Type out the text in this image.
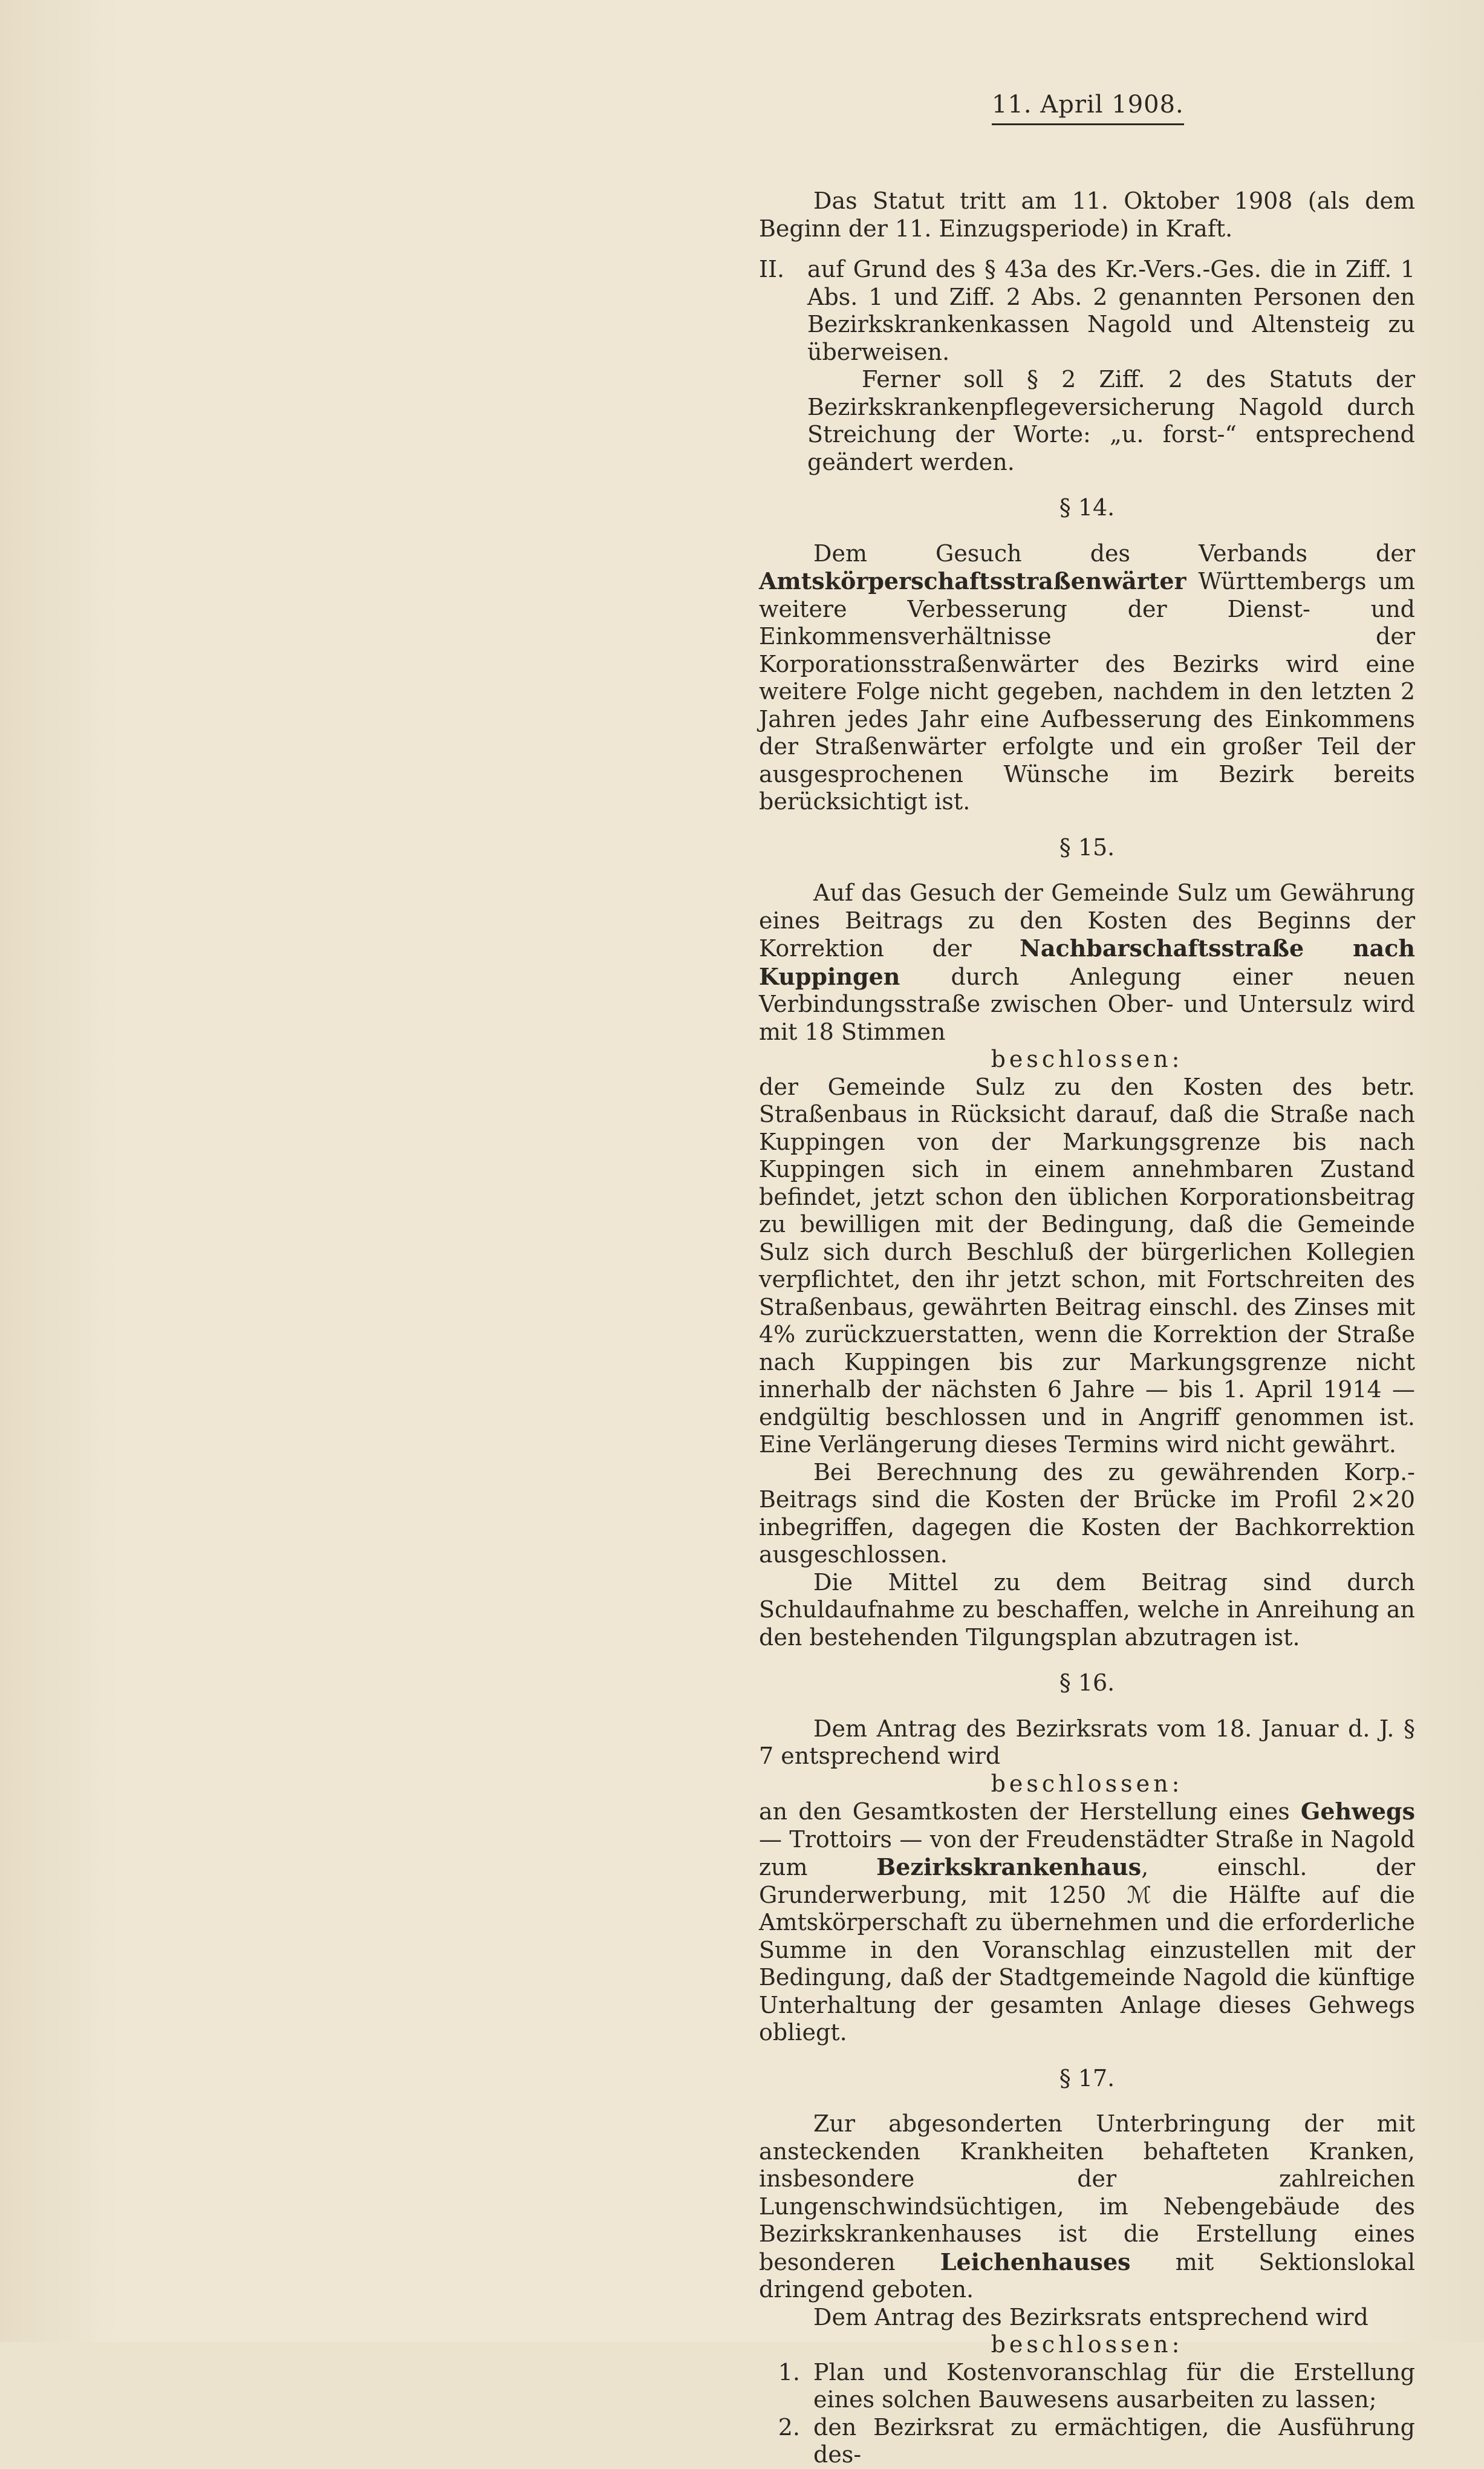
11. April 1908.

Das Statut tritt am 11. Oktober 1908 (als dem Beginn der 11. Einzugsperiode) in Kraft.

II. auf Grund des § 43a des Kr.-Vers.-Ges. die in Ziff. 1 Abs. 1 und Ziff. 2 Abs. 2 genannten Personen den Bezirkskrankenkassen Nagold und Altensteig zu überweisen.

Ferner soll § 2 Ziff. 2 des Statuts der Bezirkskrankenpflegeversicherung Nagold durch Streichung der Worte: „u. forst-“ entsprechend geändert werden.

§ 14.

Dem Gesuch des Verbands der Amtskörperschaftsstraßenwärter Württembergs um weitere Verbesserung der Dienst- und Einkommensverhältnisse der Korporationsstraßenwärter des Bezirks wird eine weitere Folge nicht gegeben, nachdem in den letzten 2 Jahren jedes Jahr eine Aufbesserung des Einkommens der Straßenwärter erfolgte und ein großer Teil der ausgesprochenen Wünsche im Bezirk bereits berücksichtigt ist.

§ 15.

Auf das Gesuch der Gemeinde Sulz um Gewährung eines Beitrags zu den Kosten des Beginns der Korrektion der Nachbarschaftsstraße nach Kuppingen durch Anlegung einer neuen Verbindungsstraße zwischen Ober- und Untersulz wird mit 18 Stimmen

beschlossen:

der Gemeinde Sulz zu den Kosten des betr. Straßenbaus in Rücksicht darauf, daß die Straße nach Kuppingen von der Markungsgrenze bis nach Kuppingen sich in einem annehmbaren Zustand befindet, jetzt schon den üblichen Korporationsbeitrag zu bewilligen mit der Bedingung, daß die Gemeinde Sulz sich durch Beschluß der bürgerlichen Kollegien verpflichtet, den ihr jetzt schon, mit Fortschreiten des Straßenbaus, gewährten Beitrag einschl. des Zinses mit 4% zurückzuerstatten, wenn die Korrektion der Straße nach Kuppingen bis zur Markungsgrenze nicht innerhalb der nächsten 6 Jahre — bis 1. April 1914 — endgültig beschlossen und in Angriff genommen ist. Eine Verlängerung dieses Termins wird nicht gewährt.

Bei Berechnung des zu gewährenden Korp.-Beitrags sind die Kosten der Brücke im Profil 2×20 inbegriffen, dagegen die Kosten der Bachkorrektion ausgeschlossen.

Die Mittel zu dem Beitrag sind durch Schuldaufnahme zu beschaffen, welche in Anreihung an den bestehenden Tilgungsplan abzutragen ist.

§ 16.

Dem Antrag des Bezirksrats vom 18. Januar d. J. § 7 entsprechend wird

beschlossen:

an den Gesamtkosten der Herstellung eines Gehwegs — Trottoirs — von der Freudenstädter Straße in Nagold zum Bezirkskrankenhaus, einschl. der Grunderwerbung, mit 1250 ℳ die Hälfte auf die Amtskörperschaft zu übernehmen und die erforderliche Summe in den Voranschlag einzustellen mit der Bedingung, daß der Stadtgemeinde Nagold die künftige Unterhaltung der gesamten Anlage dieses Gehwegs obliegt.

§ 17.

Zur abgesonderten Unterbringung der mit ansteckenden Krankheiten behafteten Kranken, insbesondere der zahlreichen Lungenschwindsüchtigen, im Nebengebäude des Bezirkskrankenhauses ist die Erstellung eines besonderen Leichenhauses mit Sektionslokal dringend geboten.

Dem Antrag des Bezirksrats entsprechend wird

beschlossen:

1. Plan und Kostenvoranschlag für die Erstellung eines solchen Bauwesens ausarbeiten zu lassen;
2. den Bezirksrat zu ermächtigen, die Ausführung des-
